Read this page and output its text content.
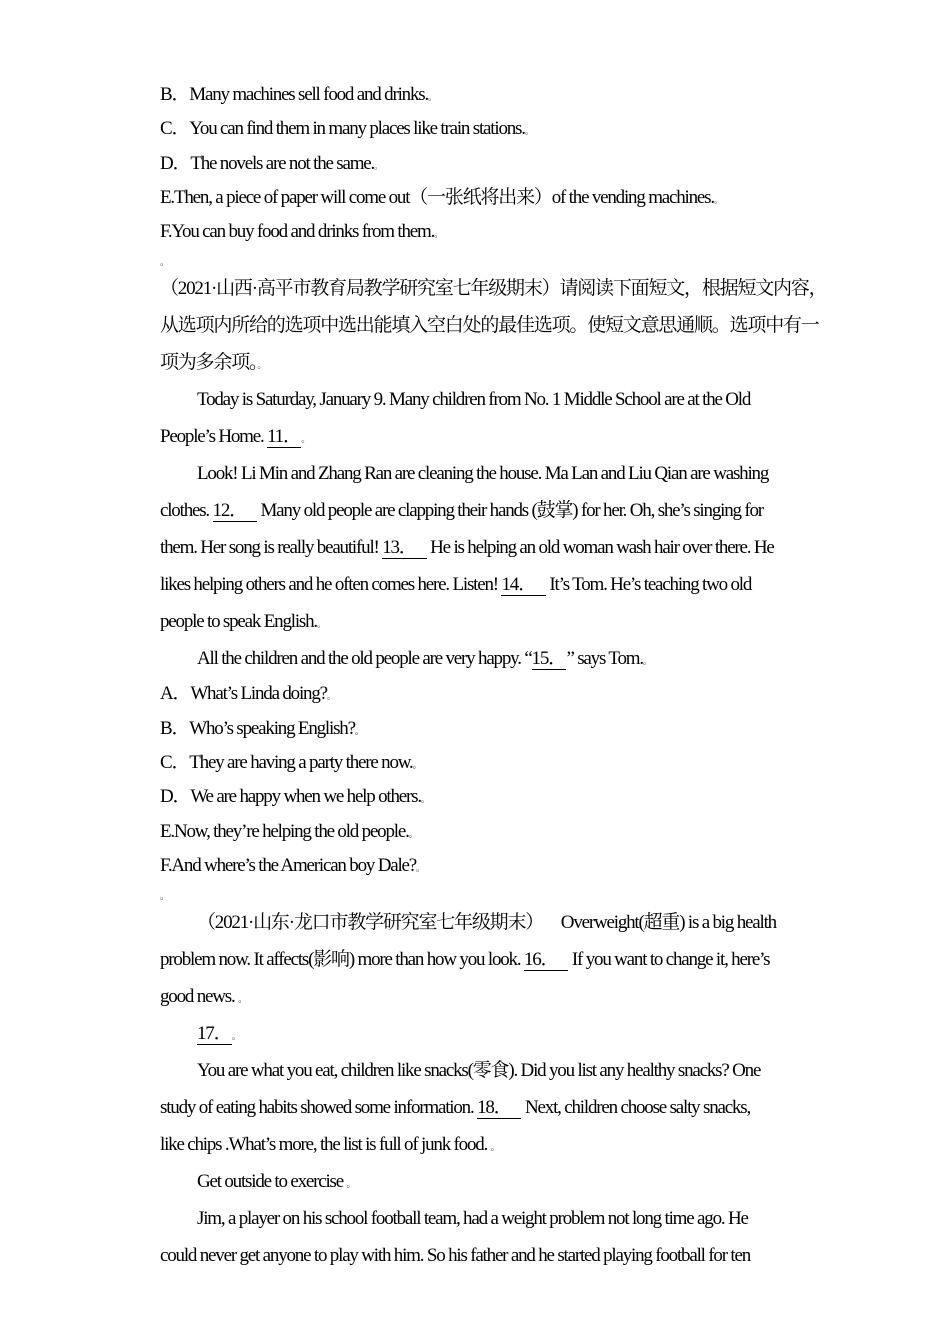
B．Many machines sell food and drinks.。
C．You can find them in many places like train stations.。
D．The novels are not the same.。
E.Then, a piece of paper will come out（一张纸将出来）of the vending machines.。
F.You can buy food and drinks from them.。
。
（2021·山西·高平市教育局教学研究室七年级期末）请阅读下面短文，根据短文内容，
从选项内所给的选项中选出能填入空白处的最佳选项。使短文意思通顺。选项中有一
项为多余项。。
Today is Saturday, January 9. Many children from No. 1 Middle School are at the Old
People’s Home. 11． 。
Look! Li Min and Zhang Ran are cleaning the house. Ma Lan and Liu Qian are washing
clothes. 12． Many old people are clapping their hands (鼓掌) for her. Oh, she’s singing for
them. Her song is really beautiful! 13． He is helping an old woman wash hair over there. He
likes helping others and he often comes here. Listen! 14． It’s Tom. He’s teaching two old
people to speak English.。
All the children and the old people are very happy. “15． ” says Tom.。
A．What’s Linda doing?。
B．Who’s speaking English?。
C．They are having a party there now.。
D．We are happy when we help others.。
E.Now, they’re helping the old people.。
F.And where’s the American boy Dale?。
。
（2021·山东·龙口市教学研究室七年级期末）     Overweight(超重) is a big health
problem now. It affects(影响) more than how you look. 16． If you want to change it, here’s
good news. 。
17． 。
You are what you eat, children like snacks(零食). Did you list any healthy snacks? One
study of eating habits showed some information. 18． Next, children choose salty snacks,
like chips .What’s more, the list is full of junk food. 。
Get outside to exercise 。
Jim, a player on his school football team, had a weight problem not long time ago. He
could never get anyone to play with him. So his father and he started playing football for ten
